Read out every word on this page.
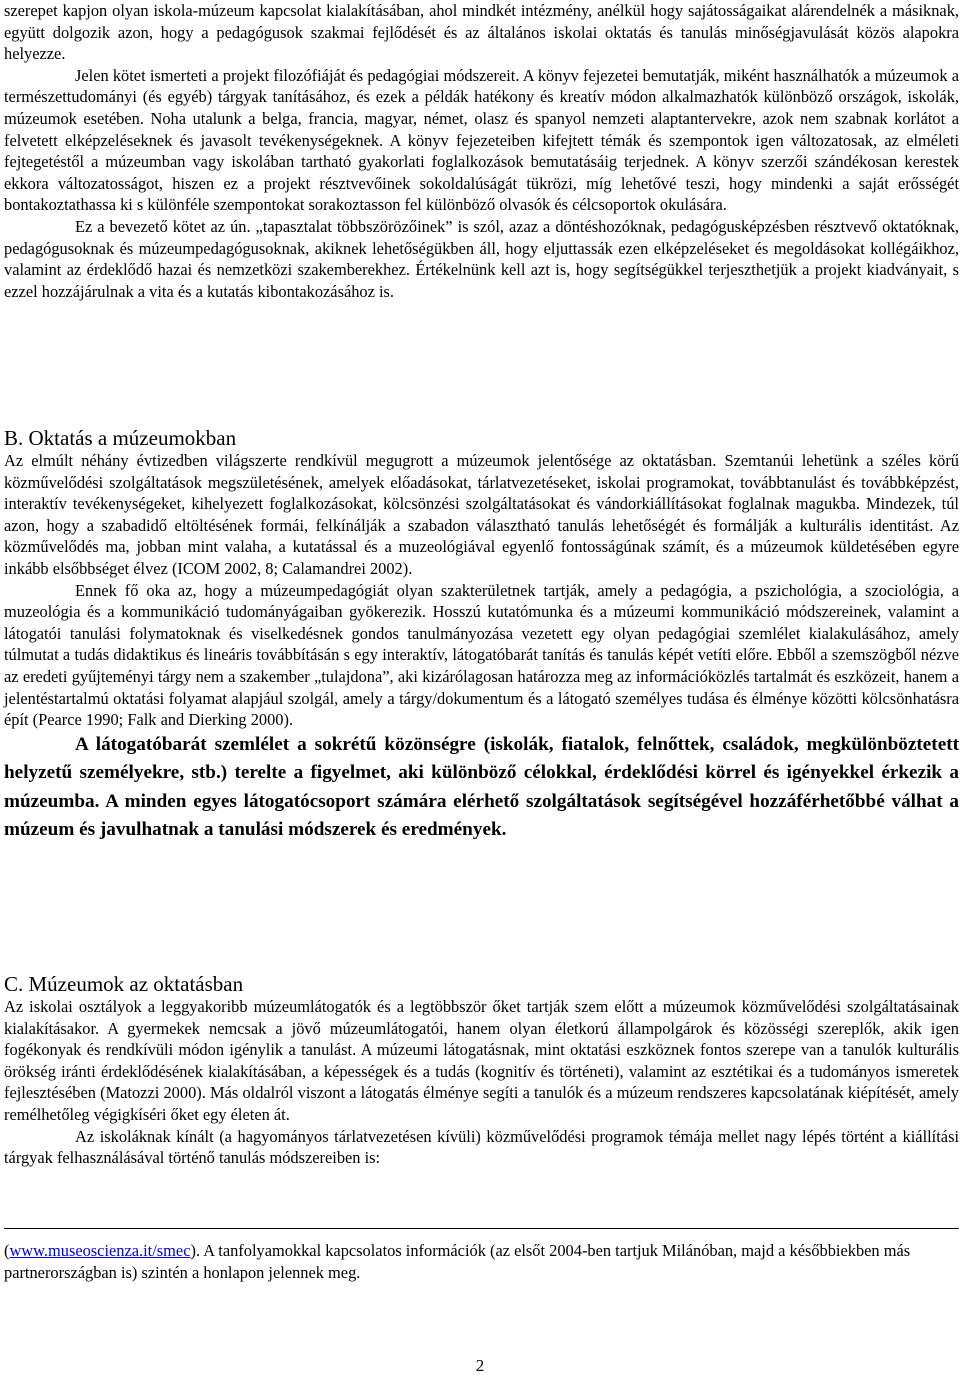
szerepet kapjon olyan iskola-múzeum kapcsolat kialakításában, ahol mindkét intézmény, anélkül hogy sajátosságaikat alárendelnék a másiknak, együtt dolgozik azon, hogy a pedagógusok szakmai fejlődését és az általános iskolai oktatás és tanulás minőségjavulását közös alapokra helyezze.

Jelen kötet ismerteti a projekt filozófiáját és pedagógiai módszereit. A könyv fejezetei bemutatják, miként használhatók a múzeumok a természettudományi (és egyéb) tárgyak tanításához, és ezek a példák hatékony és kreatív módon alkalmazhatók különböző országok, iskolák, múzeumok esetében. Noha utalunk a belga, francia, magyar, német, olasz és spanyol nemzeti alaptantervekre, azok nem szabnak korlátot a felvetett elképzeléseknek és javasolt tevékenységeknek. A könyv fejezeteiben kifejtett témák és szempontok igen változatosak, az elméleti fejtegetéstől a múzeumban vagy iskolában tartható gyakorlati foglalkozások bemutatásáig terjednek. A könyv szerzői szándékosan kerestek ekkora változatosságot, hiszen ez a projekt résztvevőinek sokoldalúságát tükrözi, míg lehetővé teszi, hogy mindenki a saját erősségét bontakoztathassa ki s különféle szempontokat sorakoztasson fel különböző olvasók és célcsoportok okulására.

Ez a bevezető kötet az ún. „tapasztalat többszörözőinek” is szól, azaz a döntéshozóknak, pedagógusképzésben résztvevő oktatóknak, pedagógusoknak és múzeumpedagógusoknak, akiknek lehetőségükben áll, hogy eljuttassák ezen elképzeléseket és megoldásokat kollégáikhoz, valamint az érdeklődő hazai és nemzetközi szakemberekhez. Értékelnünk kell azt is, hogy segítségükkel terjeszthetjük a projekt kiadványait, s ezzel hozzájárulnak a vita és a kutatás kibontakozásához is.

B. Oktatás a múzeumokban

Az elmúlt néhány évtizedben világszerte rendkívül megugrott a múzeumok jelentősége az oktatásban. Szemtanúi lehetünk a széles körű közművelődési szolgáltatások megszületésének, amelyek előadásokat, tárlatvezetéseket, iskolai programokat, továbbtanulást és továbbképzést, interaktív tevékenységeket, kihelyezett foglalkozásokat, kölcsönzési szolgáltatásokat és vándorkiállításokat foglalnak magukba. Mindezek, túl azon, hogy a szabadidő eltöltésének formái, felkínálják a szabadon választható tanulás lehetőségét és formálják a kulturális identitást. Az közművelődés ma, jobban mint valaha, a kutatással és a muzeológiával egyenlő fontosságúnak számít, és a múzeumok küldetésében egyre inkább elsőbbséget élvez (ICOM 2002, 8; Calamandrei 2002).

Ennek fő oka az, hogy a múzeumpedagógiát olyan szakterületnek tartják, amely a pedagógia, a pszichológia, a szociológia, a muzeológia és a kommunikáció tudományágaiban gyökerezik. Hosszú kutatómunka és a múzeumi kommunikáció módszereinek, valamint a látogatói tanulási folymatoknak és viselkedésnek gondos tanulmányozása vezetett egy olyan pedagógiai szemlélet kialakulásához, amely túlmutat a tudás didaktikus és lineáris továbbításán s egy interaktív, látogatóbarát tanítás és tanulás képét vetíti előre. Ebből a szemszögből nézve az eredeti gyűjteményi tárgy nem a szakember „tulajdona”, aki kizárólagosan határozza meg az információközlés tartalmát és eszközeit, hanem a jelentéstartalmú oktatási folyamat alapjául szolgál, amely a tárgy/dokumentum és a látogató személyes tudása és élménye közötti kölcsönhatásra épít (Pearce 1990; Falk and Dierking 2000).

A látogatóbarát szemlélet a sokrétű közönségre (iskolák, fiatalok, felnőttek, családok, megkülönböztetett helyzetű személyekre, stb.) terelte a figyelmet, aki különböző célokkal, érdeklődési körrel és igényekkel érkezik a múzeumba. A minden egyes látogatócsoport számára elérhető szolgáltatások segítségével hozzáférhetőbbé válhat a múzeum és javulhatnak a tanulási módszerek és eredmények.

C. Múzeumok az oktatásban

Az iskolai osztályok a leggyakoribb múzeumlátogatók és a legtöbbször őket tartják szem előtt a múzeumok közművelődési szolgáltatásainak kialakításakor. A gyermekek nemcsak a jövő múzeumlátogatói, hanem olyan életkorú állampolgárok és közösségi szereplők, akik igen fogékonyak és rendkívüli módon igénylik a tanulást. A múzeumi látogatásnak, mint oktatási eszköznek fontos szerepe van a tanulók kulturális örökség iránti érdeklődésének kialakításában, a képességek és a tudás (kognitív és történeti), valamint az esztétikai és a tudományos ismeretek fejlesztésében (Matozzi 2000). Más oldalról viszont a látogatás élménye segíti a tanulók és a múzeum rendszeres kapcsolatának kiépítését, amely remélhetőleg végigkíséri őket egy életen át.

Az iskoláknak kínált (a hagyományos tárlatvezetésen kívüli) közművelődési programok témája mellet nagy lépés történt a kiállítási tárgyak felhasználásával történő tanulás módszereiben is:

(www.museoscienza.it/smec). A tanfolyamokkal kapcsolatos információk (az elsőt 2004-ben tartjuk Milánóban, majd a későbbiekben más partnerországban is) szintén a honlapon jelennek meg.

2
